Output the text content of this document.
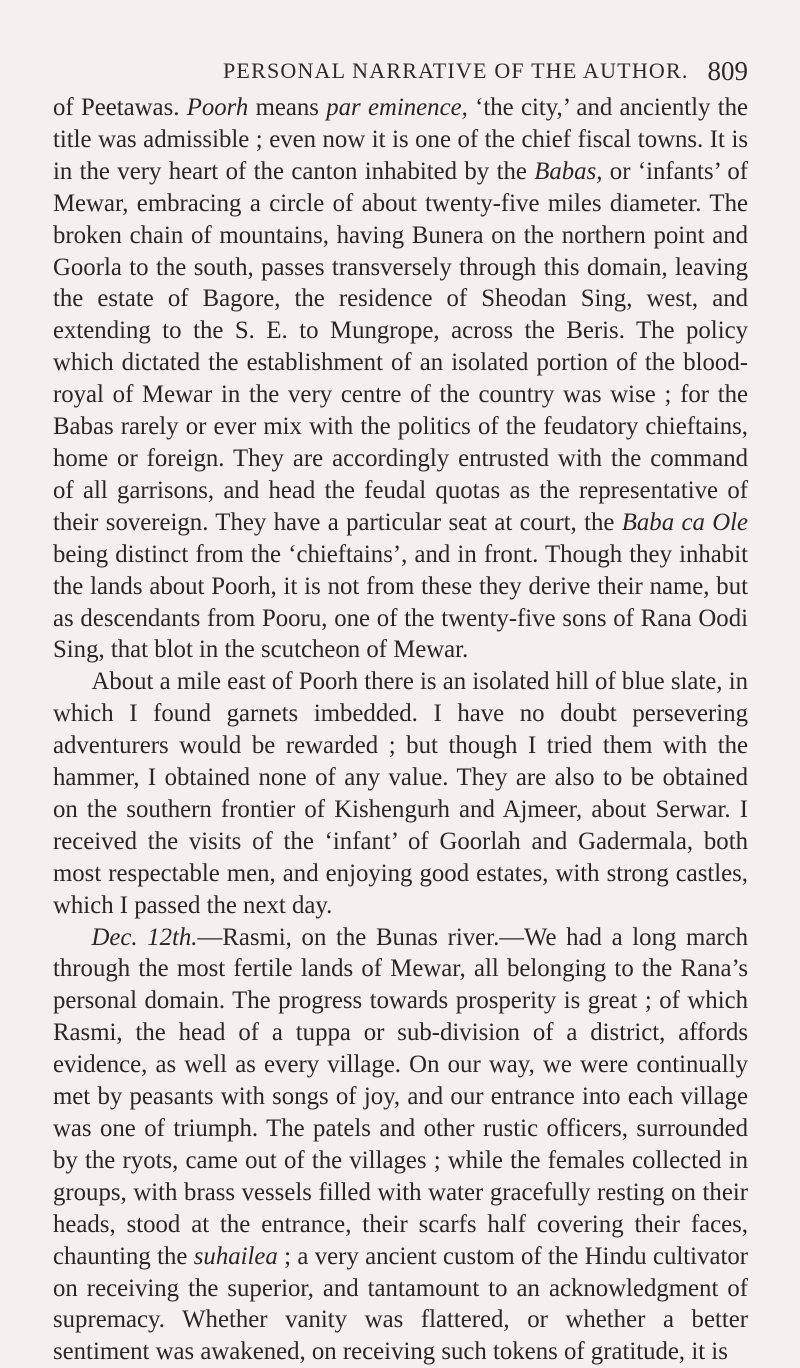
PERSONAL NARRATIVE OF THE AUTHOR. 809

of Peetawas. Poorh means par eminence, ‘the city,’ and anciently the title was admissible ; even now it is one of the chief fiscal towns. It is in the very heart of the canton inhabited by the Babas, or ‘infants’ of Mewar, embracing a circle of about twenty-five miles diameter. The broken chain of mountains, having Bunera on the northern point and Goorla to the south, passes transversely through this domain, leaving the estate of Bagore, the residence of Sheodan Sing, west, and extending to the S. E. to Mungrope, across the Beris. The policy which dictated the establishment of an isolated portion of the blood-royal of Mewar in the very centre of the country was wise ; for the Babas rarely or ever mix with the politics of the feudatory chieftains, home or foreign. They are accordingly entrusted with the command of all garrisons, and head the feudal quotas as the representative of their sovereign. They have a particular seat at court, the Baba ca Ole being distinct from the ‘chieftains’, and in front. Though they inhabit the lands about Poorh, it is not from these they derive their name, but as descendants from Pooru, one of the twenty-five sons of Rana Oodi Sing, that blot in the scutcheon of Mewar.

About a mile east of Poorh there is an isolated hill of blue slate, in which I found garnets imbedded. I have no doubt persevering adventurers would be rewarded ; but though I tried them with the hammer, I obtained none of any value. They are also to be obtained on the southern frontier of Kishengurh and Ajmeer, about Serwar. I received the visits of the ‘infant’ of Goorlah and Gadermala, both most respectable men, and enjoying good estates, with strong castles, which I passed the next day.

Dec. 12th.—Rasmi, on the Bunas river.—We had a long march through the most fertile lands of Mewar, all belonging to the Rana’s personal domain. The progress towards prosperity is great ; of which Rasmi, the head of a tuppa or sub-division of a district, affords evidence, as well as every village. On our way, we were continually met by peasants with songs of joy, and our entrance into each village was one of triumph. The patels and other rustic officers, surrounded by the ryots, came out of the villages ; while the females collected in groups, with brass vessels filled with water gracefully resting on their heads, stood at the entrance, their scarfs half covering their faces, chaunting the suhailea ; a very ancient custom of the Hindu cultivator on receiving the superior, and tantamount to an acknowledgment of supremacy. Whether vanity was flattered, or whether a better sentiment was awakened, on receiving such tokens of gratitude, it is
